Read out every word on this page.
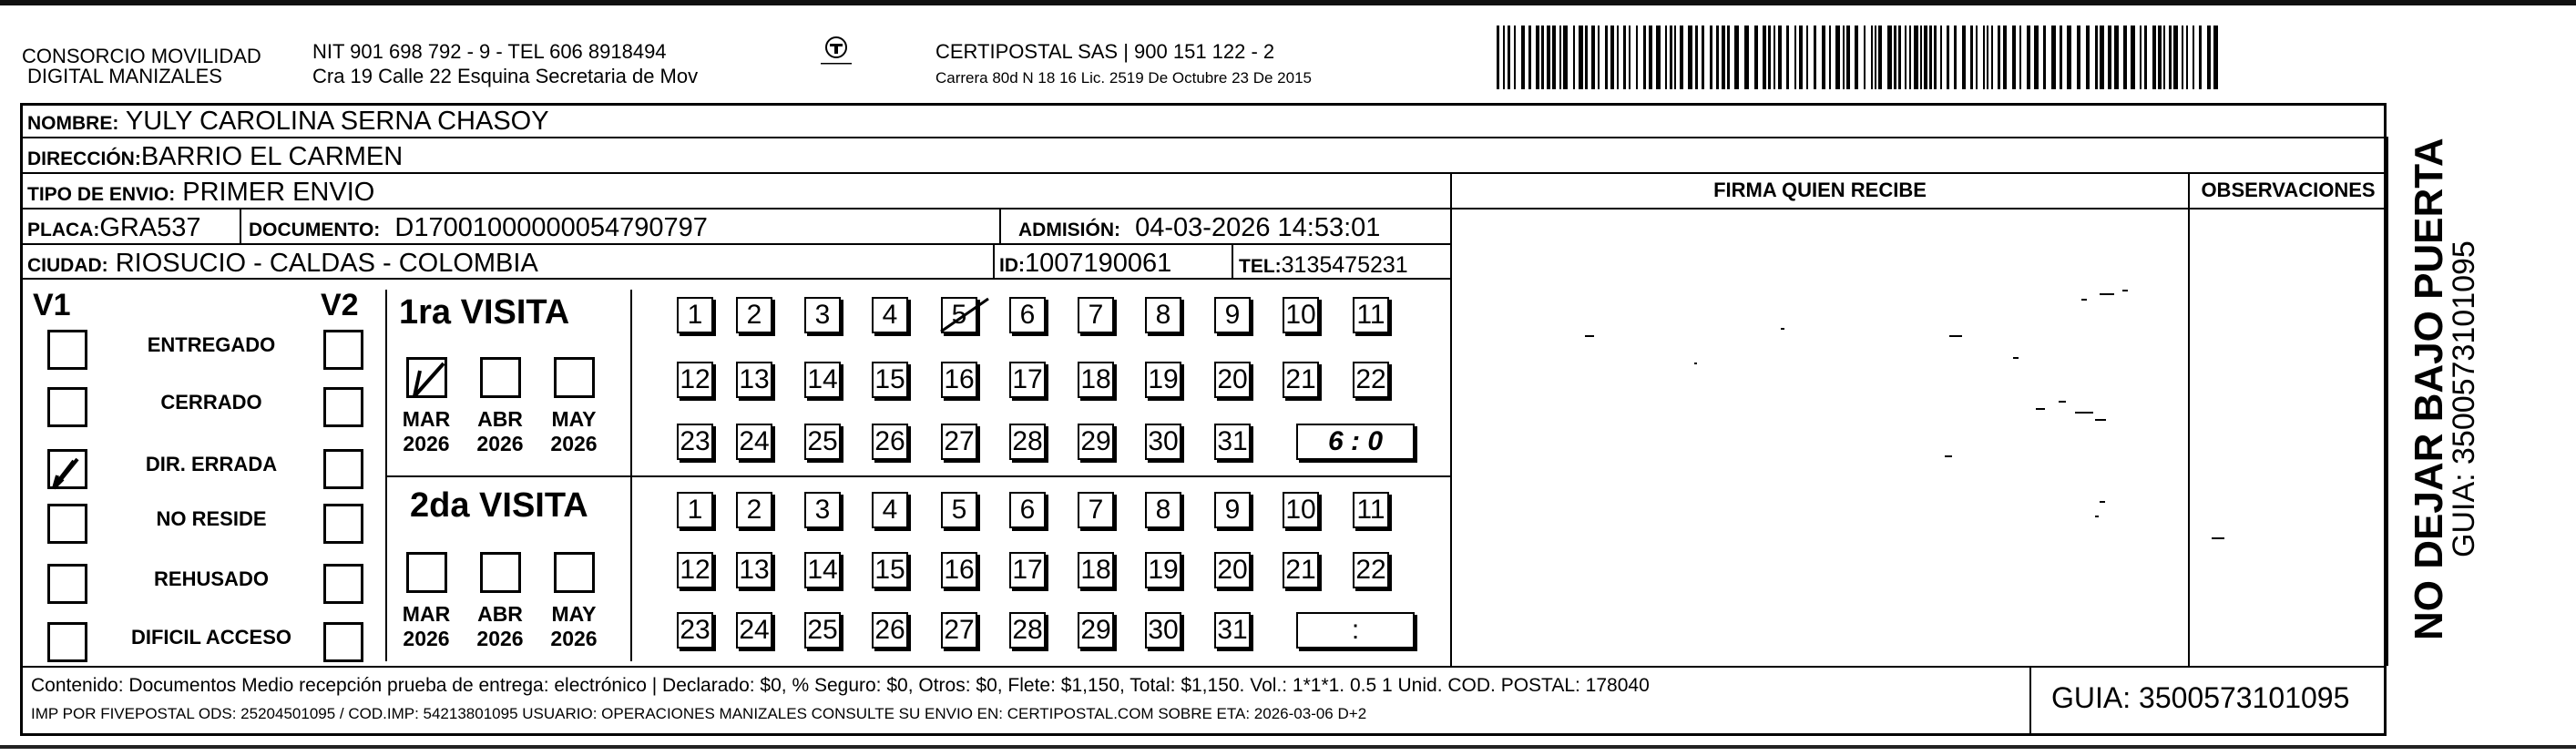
CONSORCIO MOVILIDAD
DIGITAL MANIZALES
NIT 901 698 792 - 9 - TEL 606 8918494
Cra 19 Calle 22 Esquina Secretaria de Mov
CERTIPOSTAL SAS | 900 151 122 - 2
Carrera 80d N 18 16 Lic. 2519 De Octubre 23 De 2015
NOMBRE: YULY CAROLINA SERNA CHASOY
DIRECCIÓN:BARRIO EL CARMEN
TIPO DE ENVIO: PRIMER ENVIO
PLACA:GRA537 DOCUMENTO: D17001000000054790797	ADMISIÓN: 04-03-2026 14:53:01
CIUDAD: RIOSUCIO - CALDAS - COLOMBIA	ID:1007190061	TEL:3135475231
FIRMA QUIEN RECIBE	OBSERVACIONES
V1	V2
ENTREGADO
CERRADO
DIR. ERRADA
NO RESIDE
REHUSADO
DIFICIL ACCESO
1ra VISITA
2da VISITA
MAR
2026
ABR
2026
MAY
2026
MAR
2026
ABR
2026
MAY
2026
1	2	3	4	5	6	7	8	9	10 11
12 13 14 15 16 17 18 19 20 21 22
23 24 25 26 27 28 29 30 31	6 : 0
1	2	3	4	5	6	7	8	9	10 11
12 13 14 15 16 17 18 19 20 21 22
23 24 25 26 27 28 29 30 31	:	NO DEJAR BAJO PUERTA
GUIA: 3500573101095
Contenido: Documentos Medio recepción prueba de entrega: electrónico | Declarado: $0, % Seguro: $0, Otros: $0, Flete: $1,150, Total: $1,150. Vol.: 1*1*1. 0.5 1 Unid. COD. POSTAL: 178040
IMP POR FIVEPOSTAL ODS: 25204501095 / COD.IMP: 54213801095 USUARIO: OPERACIONES MANIZALES CONSULTE SU ENVIO EN: CERTIPOSTAL.COM SOBRE ETA: 2026-03-06 D+2	GUIA: 3500573101095
